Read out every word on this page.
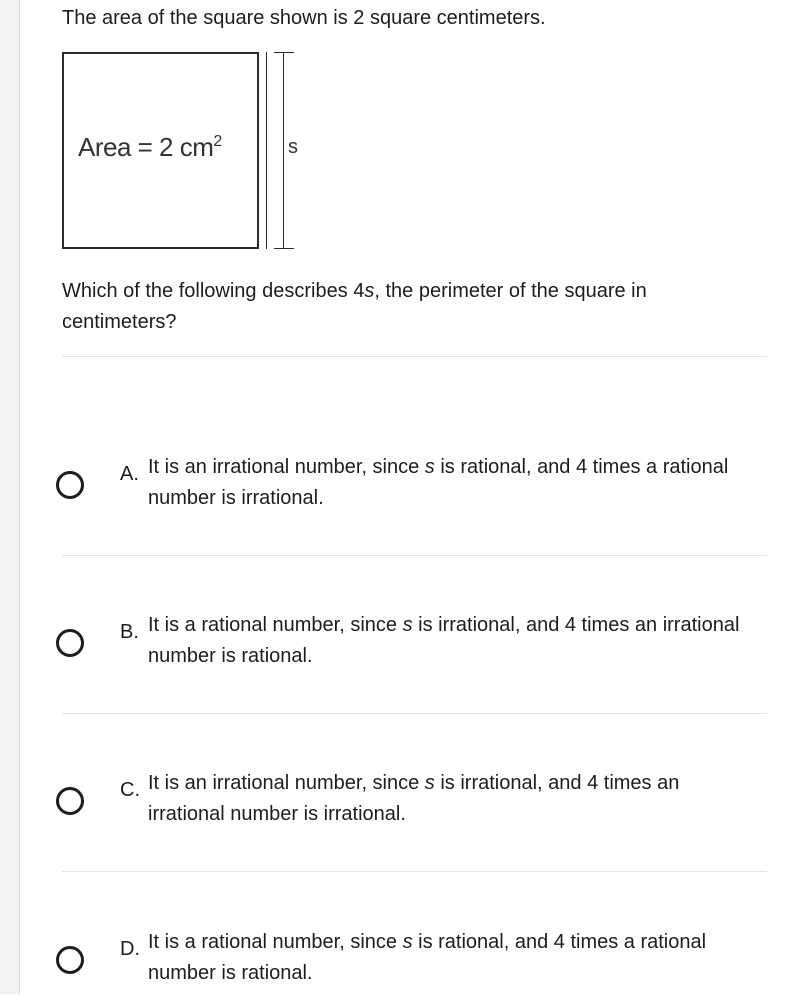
The area of the square shown is 2 square centimeters.
Area = 2 $cm^2$	s
Which of the following describes 4s, the perimeter of the square in centimeters?
A. It is an irrational number, since s is rational, and 4 times a rational number is irrational.
B. It is a rational number, since s is irrational, and 4 times an irrational number is rational.
C. It is an irrational number, since s is irrational, and 4 times an irrational number is irrational.
D. It is a rational number, since s is rational, and 4 times a rational number is rational.
